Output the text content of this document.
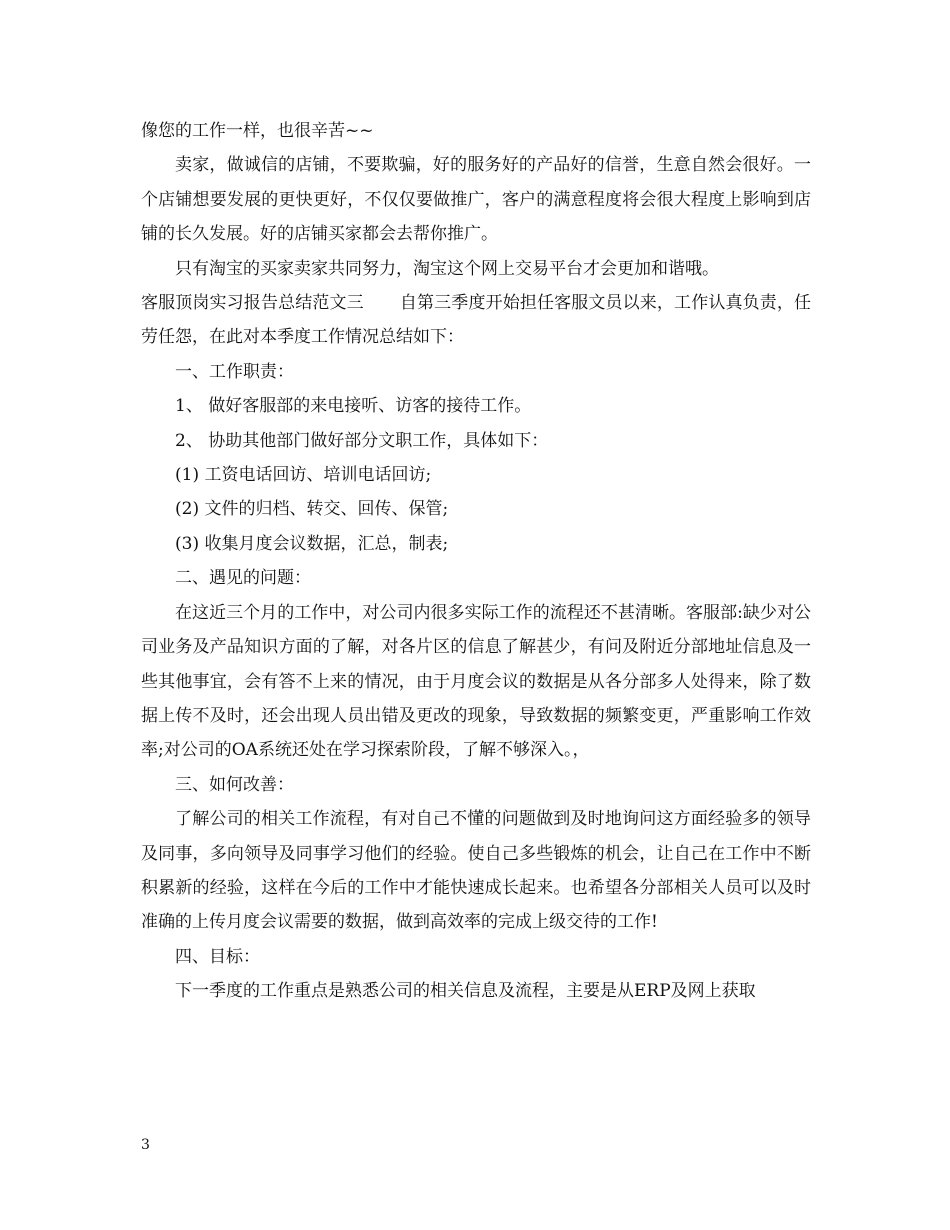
像您的工作一样，也很辛苦~~

卖家，做诚信的店铺，不要欺骗，好的服务好的产品好的信誉，生意自然会很好。一个店铺想要发展的更快更好，不仅仅要做推广，客户的满意程度将会很大程度上影响到店铺的长久发展。好的店铺买家都会去帮你推广。

只有淘宝的买家卖家共同努力，淘宝这个网上交易平台才会更加和谐哦。

客服顶岗实习报告总结范文三 自第三季度开始担任客服文员以来，工作认真负责，任劳任怨，在此对本季度工作情况总结如下：

一、工作职责：

1、 做好客服部的来电接听、访客的接待工作。

2、 协助其他部门做好部分文职工作，具体如下：

(1) 工资电话回访、培训电话回访;

(2) 文件的归档、转交、回传、保管;

(3) 收集月度会议数据，汇总，制表;

二、遇见的问题：

在这近三个月的工作中，对公司内很多实际工作的流程还不甚清晰。客服部:缺少对公司业务及产品知识方面的了解，对各片区的信息了解甚少，有问及附近分部地址信息及一些其他事宜，会有答不上来的情况，由于月度会议的数据是从各分部多人处得来，除了数据上传不及时，还会出现人员出错及更改的现象，导致数据的频繁变更，严重影响工作效率;对公司的OA系统还处在学习探索阶段，了解不够深入。，

三、如何改善：

了解公司的相关工作流程，有对自己不懂的问题做到及时地询问这方面经验多的领导及同事，多向领导及同事学习他们的经验。使自己多些锻炼的机会，让自己在工作中不断积累新的经验，这样在今后的工作中才能快速成长起来。也希望各分部相关人员可以及时准确的上传月度会议需要的数据，做到高效率的完成上级交待的工作!

四、目标：

下一季度的工作重点是熟悉公司的相关信息及流程，主要是从ERP及网上获取

3
